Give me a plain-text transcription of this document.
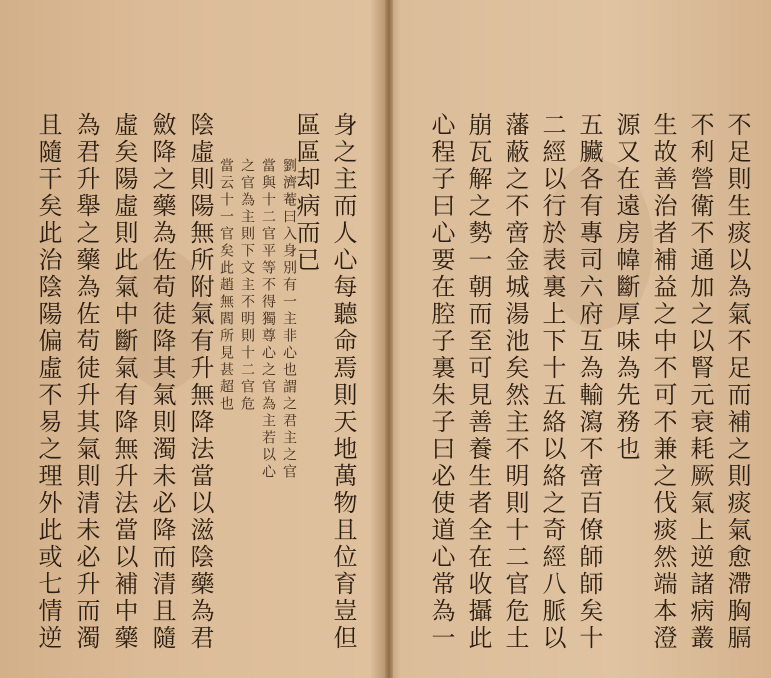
身之主而人心每聽命焉則天地萬物且位育豈但
區區却病而已
劉濟菴曰入身別有一主非心也謂之君主之官
當與十二官平等不得獨尊心之官為主若以心
之官為主則下文主不明則十二官危
當云十一官矣此趙無閻所見甚超也
陰虛則陽無所附氣有升無降法當以滋陰藥為君
斂降之藥為佐苟徒降其氣則濁未必降而清且隨
虛矣陽虛則此氣中斷氣有降無升法當以補中藥
為君升舉之藥為佐苟徒升其氣則清未必升而濁
且隨干矣此治陰陽偏虛不易之理外此或七情逆	不足則生痰以為氣不足而補之則痰氣愈滯胸膈
不利營衛不通加之以腎元衰耗厥氣上逆諸病叢
生故善治者補益之中不可不兼之伐痰然端本澄
源又在遠房幃斷厚味為先務也
五臟各有專司六府互為輸瀉不啻百僚師師矣十
二經以行於表裏上下十五絡以絡之奇經八脈以
藩蔽之不啻金城湯池矣然主不明則十二官危土
崩瓦解之勢一朝而至可見善養生者全在收攝此
心程子曰心要在腔子裏朱子曰必使道心常為一
